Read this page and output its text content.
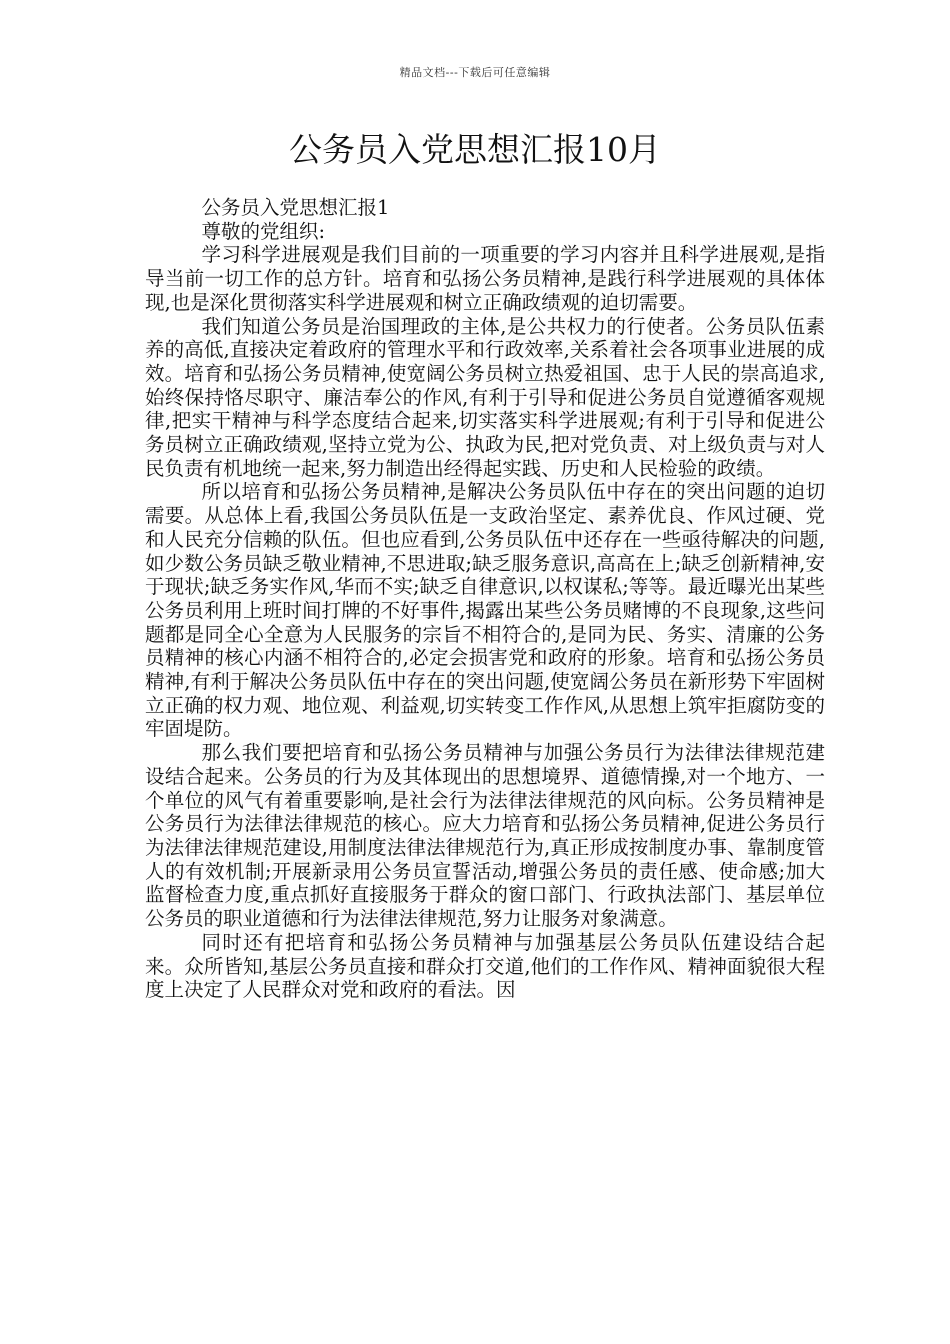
精品文档---下载后可任意编辑
公务员入党思想汇报10月

公务员入党思想汇报1

尊敬的党组织:

学习科学进展观是我们目前的一项重要的学习内容并且科学进展观,是指导当前一切工作的总方针。培育和弘扬公务员精神,是践行科学进展观的具体体现,也是深化贯彻落实科学进展观和树立正确政绩观的迫切需要。

我们知道公务员是治国理政的主体,是公共权力的行使者。公务员队伍素养的高低,直接决定着政府的管理水平和行政效率,关系着社会各项事业进展的成效。培育和弘扬公务员精神,使宽阔公务员树立热爱祖国、忠于人民的崇高追求,始终保持恪尽职守、廉洁奉公的作风,有利于引导和促进公务员自觉遵循客观规律,把实干精神与科学态度结合起来,切实落实科学进展观;有利于引导和促进公务员树立正确政绩观,坚持立党为公、执政为民,把对党负责、对上级负责与对人民负责有机地统一起来,努力制造出经得起实践、历史和人民检验的政绩。

所以培育和弘扬公务员精神,是解决公务员队伍中存在的突出问题的迫切需要。从总体上看,我国公务员队伍是一支政治坚定、素养优良、作风过硬、党和人民充分信赖的队伍。但也应看到,公务员队伍中还存在一些亟待解决的问题,如少数公务员缺乏敬业精神,不思进取;缺乏服务意识,高高在上;缺乏创新精神,安于现状;缺乏务实作风,华而不实;缺乏自律意识,以权谋私;等等。最近曝光出某些公务员利用上班时间打牌的不好事件,揭露出某些公务员赌博的不良现象,这些问题都是同全心全意为人民服务的宗旨不相符合的,是同为民、务实、清廉的公务员精神的核心内涵不相符合的,必定会损害党和政府的形象。培育和弘扬公务员精神,有利于解决公务员队伍中存在的突出问题,使宽阔公务员在新形势下牢固树立正确的权力观、地位观、利益观,切实转变工作作风,从思想上筑牢拒腐防变的牢固堤防。

那么我们要把培育和弘扬公务员精神与加强公务员行为法律法律规范建设结合起来。公务员的行为及其体现出的思想境界、道德情操,对一个地方、一个单位的风气有着重要影响,是社会行为法律法律规范的风向标。公务员精神是公务员行为法律法律规范的核心。应大力培育和弘扬公务员精神,促进公务员行为法律法律规范建设,用制度法律法律规范行为,真正形成按制度办事、靠制度管人的有效机制;开展新录用公务员宣誓活动,增强公务员的责任感、使命感;加大监督检查力度,重点抓好直接服务于群众的窗口部门、行政执法部门、基层单位公务员的职业道德和行为法律法律规范,努力让服务对象满意。

同时还有把培育和弘扬公务员精神与加强基层公务员队伍建设结合起来。众所皆知,基层公务员直接和群众打交道,他们的工作作风、精神面貌很大程度上决定了人民群众对党和政府的看法。因
